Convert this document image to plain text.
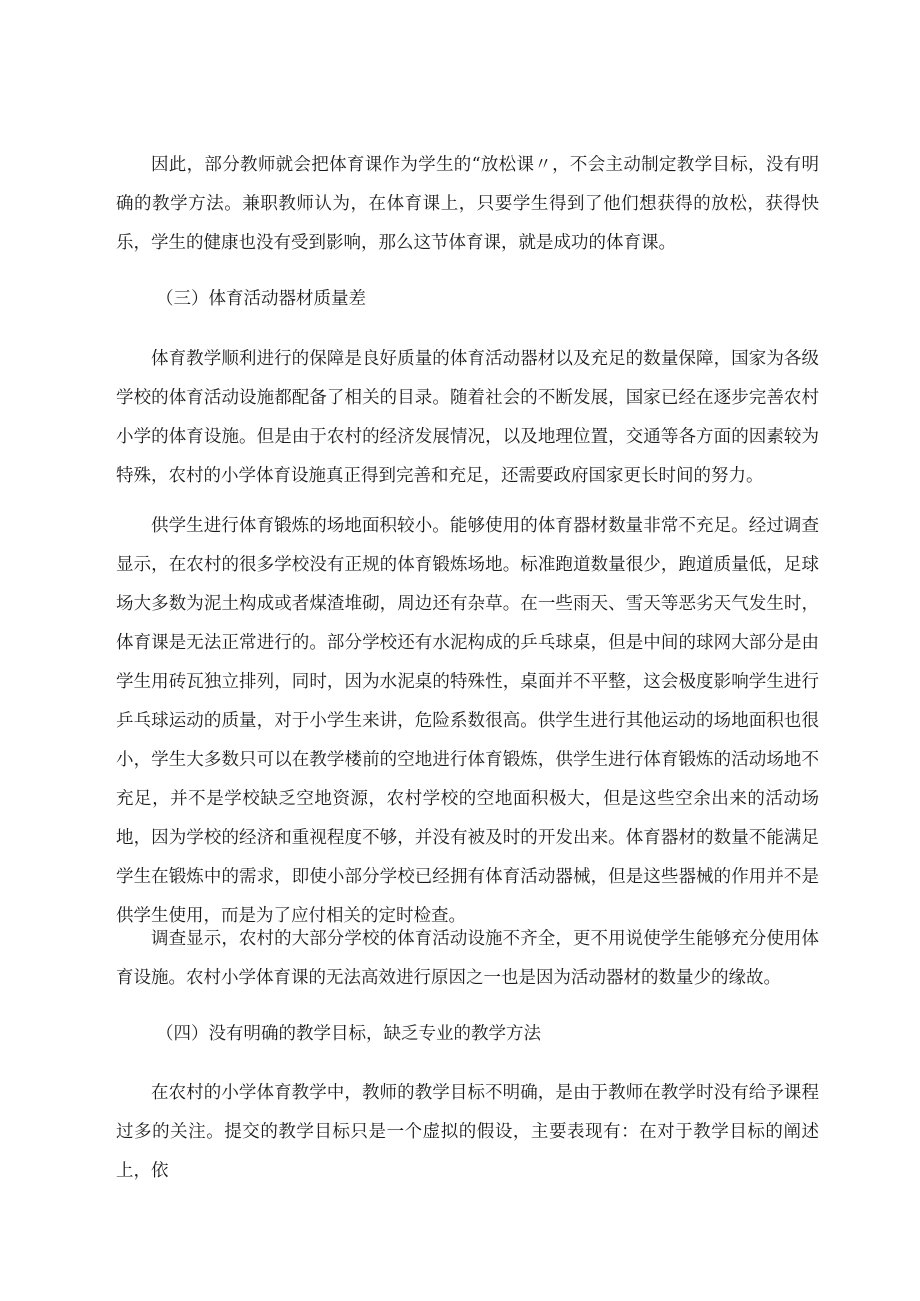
因此，部分教师就会把体育课作为学生的“放松课〃，不会主动制定教学目标，没有明确的教学方法。兼职教师认为，在体育课上，只要学生得到了他们想获得的放松，获得快乐，学生的健康也没有受到影响，那么这节体育课，就是成功的体育课。

（三）体育活动器材质量差

体育教学顺利进行的保障是良好质量的体育活动器材以及充足的数量保障，国家为各级学校的体育活动设施都配备了相关的目录。随着社会的不断发展，国家已经在逐步完善农村小学的体育设施。但是由于农村的经济发展情况，以及地理位置，交通等各方面的因素较为特殊，农村的小学体育设施真正得到完善和充足，还需要政府国家更长时间的努力。

供学生进行体育锻炼的场地面积较小。能够使用的体育器材数量非常不充足。经过调查显示，在农村的很多学校没有正规的体育锻炼场地。标准跑道数量很少，跑道质量低，足球场大多数为泥土构成或者煤渣堆砌，周边还有杂草。在一些雨天、雪天等恶劣天气发生时，体育课是无法正常进行的。部分学校还有水泥构成的乒乓球桌，但是中间的球网大部分是由学生用砖瓦独立排列，同时，因为水泥桌的特殊性，桌面并不平整，这会极度影响学生进行乒乓球运动的质量，对于小学生来讲，危险系数很高。供学生进行其他运动的场地面积也很小，学生大多数只可以在教学楼前的空地进行体育锻炼，供学生进行体育锻炼的活动场地不充足，并不是学校缺乏空地资源，农村学校的空地面积极大，但是这些空余出来的活动场地，因为学校的经济和重视程度不够，并没有被及时的开发出来。体育器材的数量不能满足学生在锻炼中的需求，即使小部分学校已经拥有体育活动器械，但是这些器械的作用并不是供学生使用，而是为了应付相关的定时检查。

调查显示，农村的大部分学校的体育活动设施不齐全，更不用说使学生能够充分使用体育设施。农村小学体育课的无法高效进行原因之一也是因为活动器材的数量少的缘故。

（四）没有明确的教学目标，缺乏专业的教学方法

在农村的小学体育教学中，教师的教学目标不明确，是由于教师在教学时没有给予课程过多的关注。提交的教学目标只是一个虚拟的假设，主要表现有：在对于教学目标的阐述上，依
